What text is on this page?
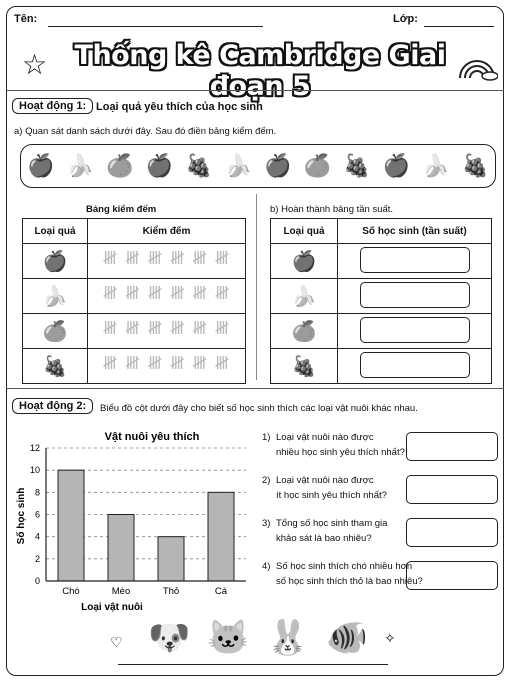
Tên:	Lớp:
☆	Thống kê Cambridge Giai đoạn 5
Hoạt động 1: Loại quả yêu thích của học sinh
a) Quan sát danh sách dưới đây. Sau đó điền bảng kiểm đếm.
🍎 🍌 🍊 🍎 🍇 🍌 🍎 🍊 🍇 🍎 🍌 🍇
Bảng kiểm đếm
Loại quả	Kiểm đếm
🍎	𝍸 𝍸 𝍸 𝍸 𝍸 𝍸
🍌	𝍸 𝍸 𝍸 𝍸 𝍸 𝍸
🍊	𝍸 𝍸 𝍸 𝍸 𝍸 𝍸
🍇	𝍸 𝍸 𝍸 𝍸 𝍸 𝍸
b) Hoàn thành bảng tần suất.
Loại quả	Số học sinh (tần suất)
🍎	
🍌	
🍊	
🍇	
Hoạt động 2:	Biểu đồ cột dưới đây cho biết số học sinh thích các loại vật nuôi khác nhau.
Vật nuôi yêu thích
0
2
4
6
8
10
12
Chó	Mèo	Thỏ	Cá
Số học sinh
Loại vật nuôi
1) Loại vật nuôi nào được
nhiều học sinh yêu thích nhất?
2) Loại vật nuôi nào được
ít học sinh yêu thích nhất?
3) Tổng số học sinh tham gia
khảo sát là bao nhiêu?
4) Số học sinh thích chó nhiều hơn
số học sinh thích thỏ là bao nhiêu?
♡	✧
🐶 🐱 🐰 🐠
